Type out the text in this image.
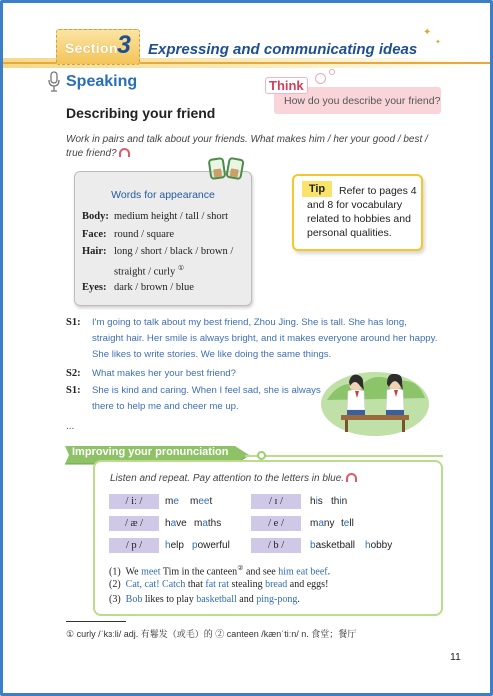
Section 3 Expressing and communicating ideas
✦
✦
Speaking	Think
How do you describe your friend?
Describing your friend

Work in pairs and talk about your friends. What makes him / her your good / best / true friend?

Words for appearance
Body: medium height / tall / short
Face: round / square
Hair: long / short / black / brown /
straight / curly ①
Eyes: dark / brown / blue
Tip	Refer to pages 4 and 8 for vocabulary related to hobbies and personal qualities.

S1: I'm going to talk about my best friend, Zhou Jing. She is tall. She has long,
straight hair. Her smile is always bright, and it makes everyone around her happy.
She likes to write stories. We like doing the same things.
S2: What makes her your best friend?
S1: She is kind and caring. When I feel sad, she is always
there to help me and cheer me up.
...
Improving your pronunciation
Listen and repeat. Pay attention to the letters in blue.
/ iː /	me meet	/ ɪ /	his thin
/ æ /	have maths	/ e /	many tell
/ p /	help powerful	/ b /	basketball hobby
(1) We meet Tim in the canteen② and see him eat beef.
(2) Cat, cat! Catch that fat rat stealing bread and eggs!
(3) Bob likes to play basketball and ping-pong.
① curly /ˈkɜːli/ adj. 有鬈发（或毛）的 ② canteen /kænˈtiːn/ n. 食堂；餐厅
11
